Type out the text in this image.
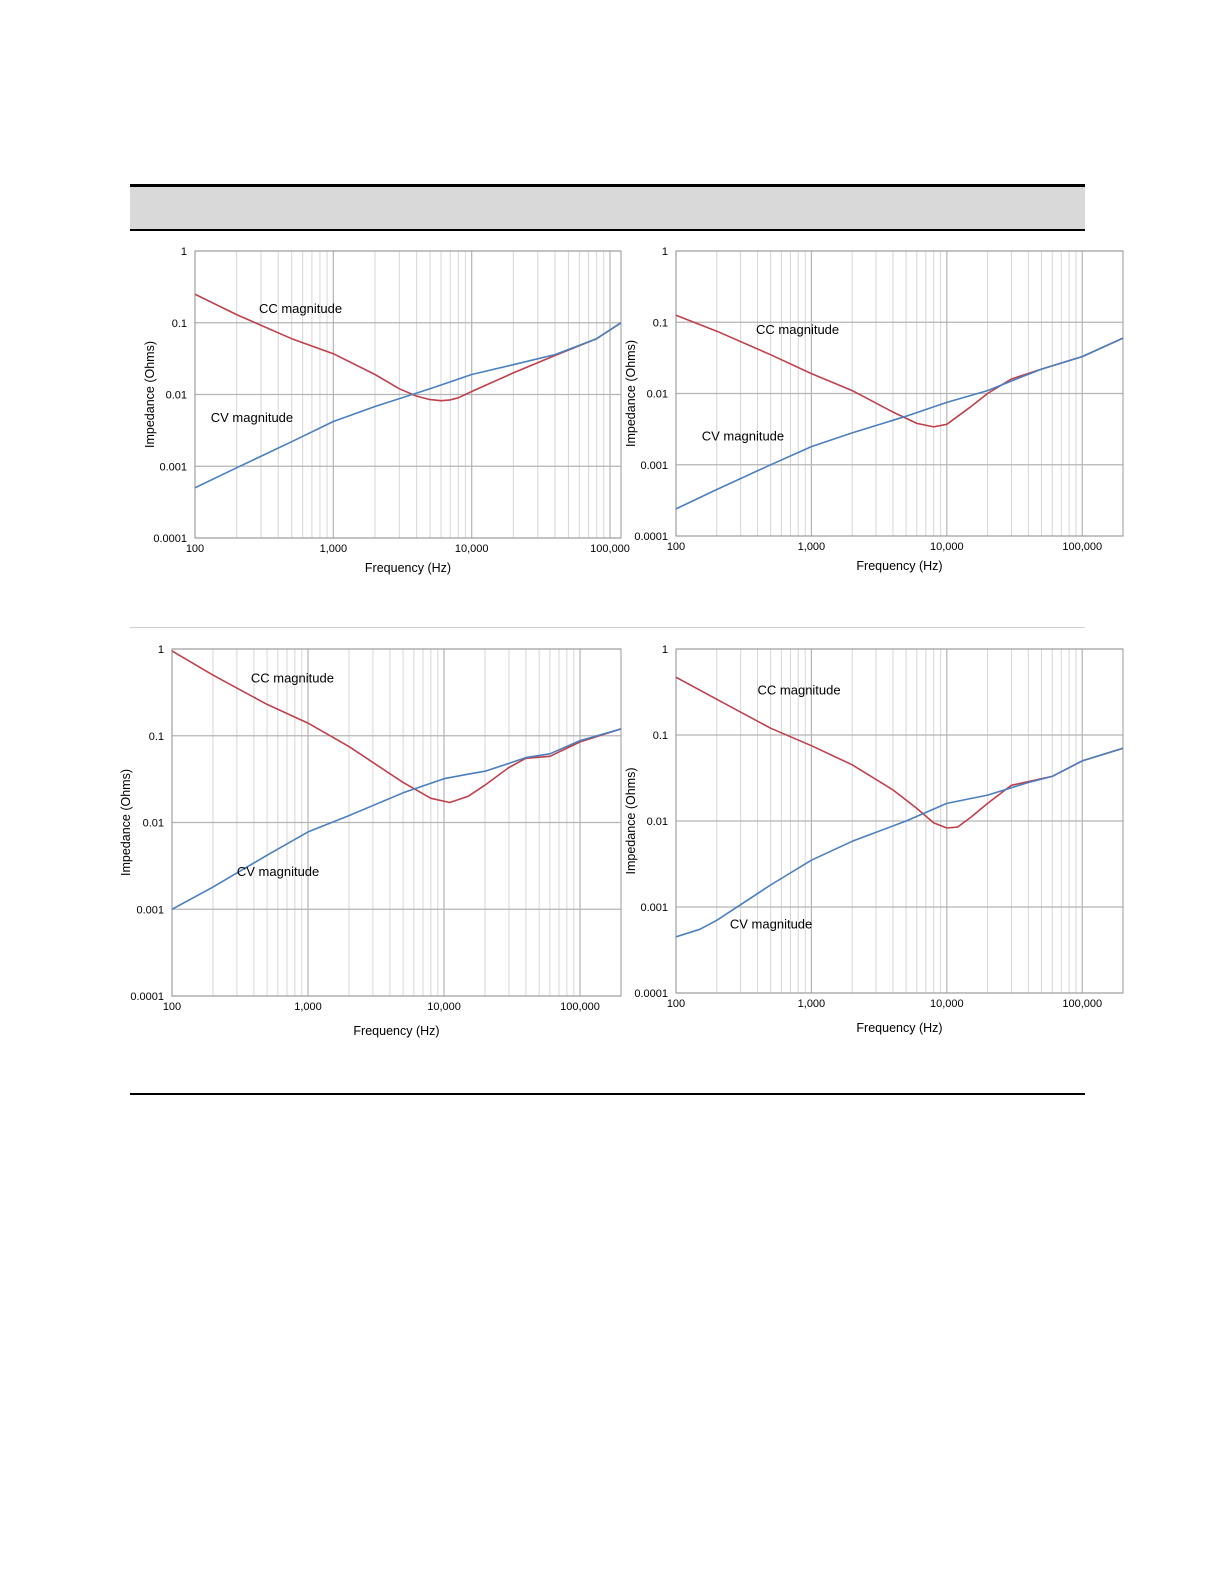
0.0001
0.001
0.01
0.1
1
100	1,000	10,000	100,000
Frequency (Hz)
Impedance (Ohms)
CC magnitude
CV magnitude
0.0001
0.001
0.01
0.1
1
100	1,000	10,000	100,000
Frequency (Hz)
Impedance (Ohms)
CC magnitude
CV magnitude
0.0001
0.001
0.01
0.1
1
100	1,000	10,000	100,000
Frequency (Hz)
Impedance (Ohms)
CC magnitude
CV magnitude
0.0001
0.001
0.01
0.1
1
100	1,000	10,000	100,000
Frequency (Hz)
Impedance (Ohms)
CC magnitude
CV magnitude
